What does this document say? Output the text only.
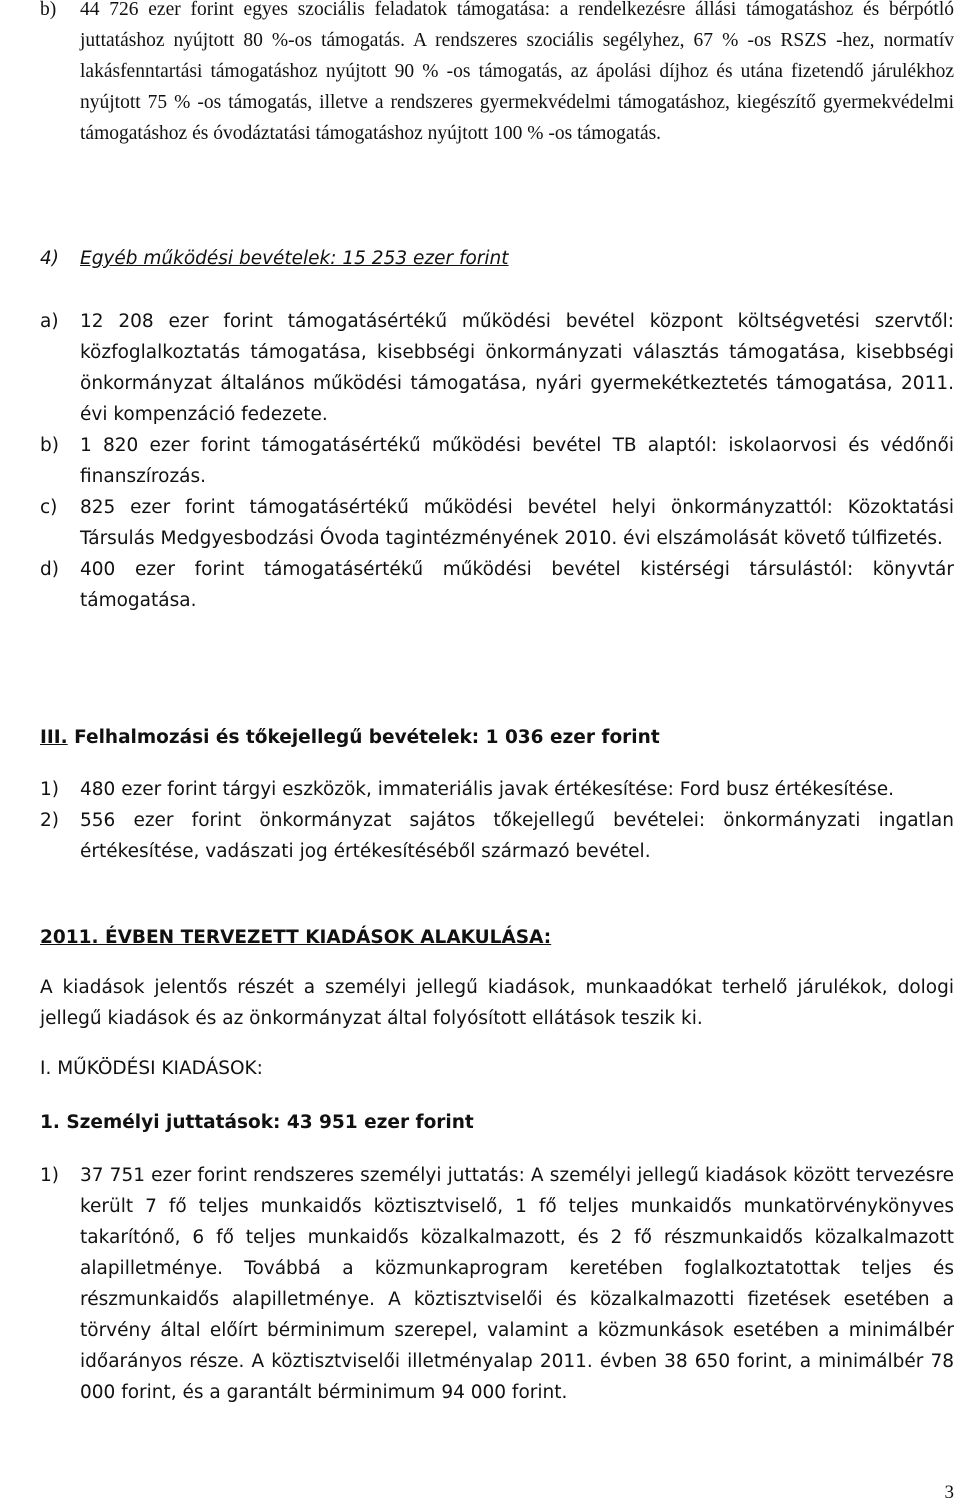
b)	44 726 ezer forint egyes szociális feladatok támogatása: a rendelkezésre állási támogatáshoz és bérpótló juttatáshoz nyújtott 80 %-os támogatás. A rendszeres szociális segélyhez, 67 % -os RSZS -hez, normatív lakásfenntartási támogatáshoz nyújtott 90 % -os támogatás, az ápolási díjhoz és utána fizetendő járulékhoz nyújtott 75 % -os támogatás, illetve a rendszeres gyermekvédelmi támogatáshoz, kiegészítő gyermekvédelmi támogatáshoz és óvodáztatási támogatáshoz nyújtott 100 % -os támogatás.
4)	Egyéb működési bevételek: 15 253 ezer forint
a)	12 208 ezer forint támogatásértékű működési bevétel központ költségvetési szervtől: közfoglalkoztatás támogatása, kisebbségi önkormányzati választás támogatása, kisebbségi önkormányzat általános működési támogatása, nyári gyermekétkeztetés támogatása, 2011. évi kompenzáció fedezete.
b)	1 820 ezer forint támogatásértékű működési bevétel TB alaptól: iskolaorvosi és védőnői finanszírozás.
c)	825 ezer forint támogatásértékű működési bevétel helyi önkormányzattól: Közoktatási Társulás Medgyesbodzási Óvoda tagintézményének 2010. évi elszámolását követő túlfizetés.
d)	400 ezer forint támogatásértékű működési bevétel kistérségi társulástól: könyvtár támogatása.
III. Felhalmozási és tőkejellegű bevételek: 1 036 ezer forint
1)	480 ezer forint tárgyi eszközök, immateriális javak értékesítése: Ford busz értékesítése.
2)	556 ezer forint önkormányzat sajátos tőkejellegű bevételei: önkormányzati ingatlan értékesítése, vadászati jog értékesítéséből származó bevétel.
2011. ÉVBEN TERVEZETT KIADÁSOK ALAKULÁSA:
A kiadások jelentős részét a személyi jellegű kiadások, munkaadókat terhelő járulékok, dologi jellegű kiadások és az önkormányzat által folyósított ellátások teszik ki.
I. MŰKÖDÉSI KIADÁSOK:
1. Személyi juttatások: 43 951 ezer forint
1)	37 751 ezer forint rendszeres személyi juttatás: A személyi jellegű kiadások között tervezésre került 7 fő teljes munkaidős köztisztviselő, 1 fő teljes munkaidős munkatörvénykönyves takarítónő, 6 fő teljes munkaidős közalkalmazott, és 2 fő részmunkaidős közalkalmazott alapilletménye. Továbbá a közmunkaprogram keretében foglalkoztatottak teljes és részmunkaidős alapilletménye. A köztisztviselői és közalkalmazotti fizetések esetében a törvény által előírt bérminimum szerepel, valamint a közmunkások esetében a minimálbér időarányos része. A köztisztviselői illetményalap 2011. évben 38 650 forint, a minimálbér 78 000 forint, és a garantált bérminimum 94 000 forint.
3
